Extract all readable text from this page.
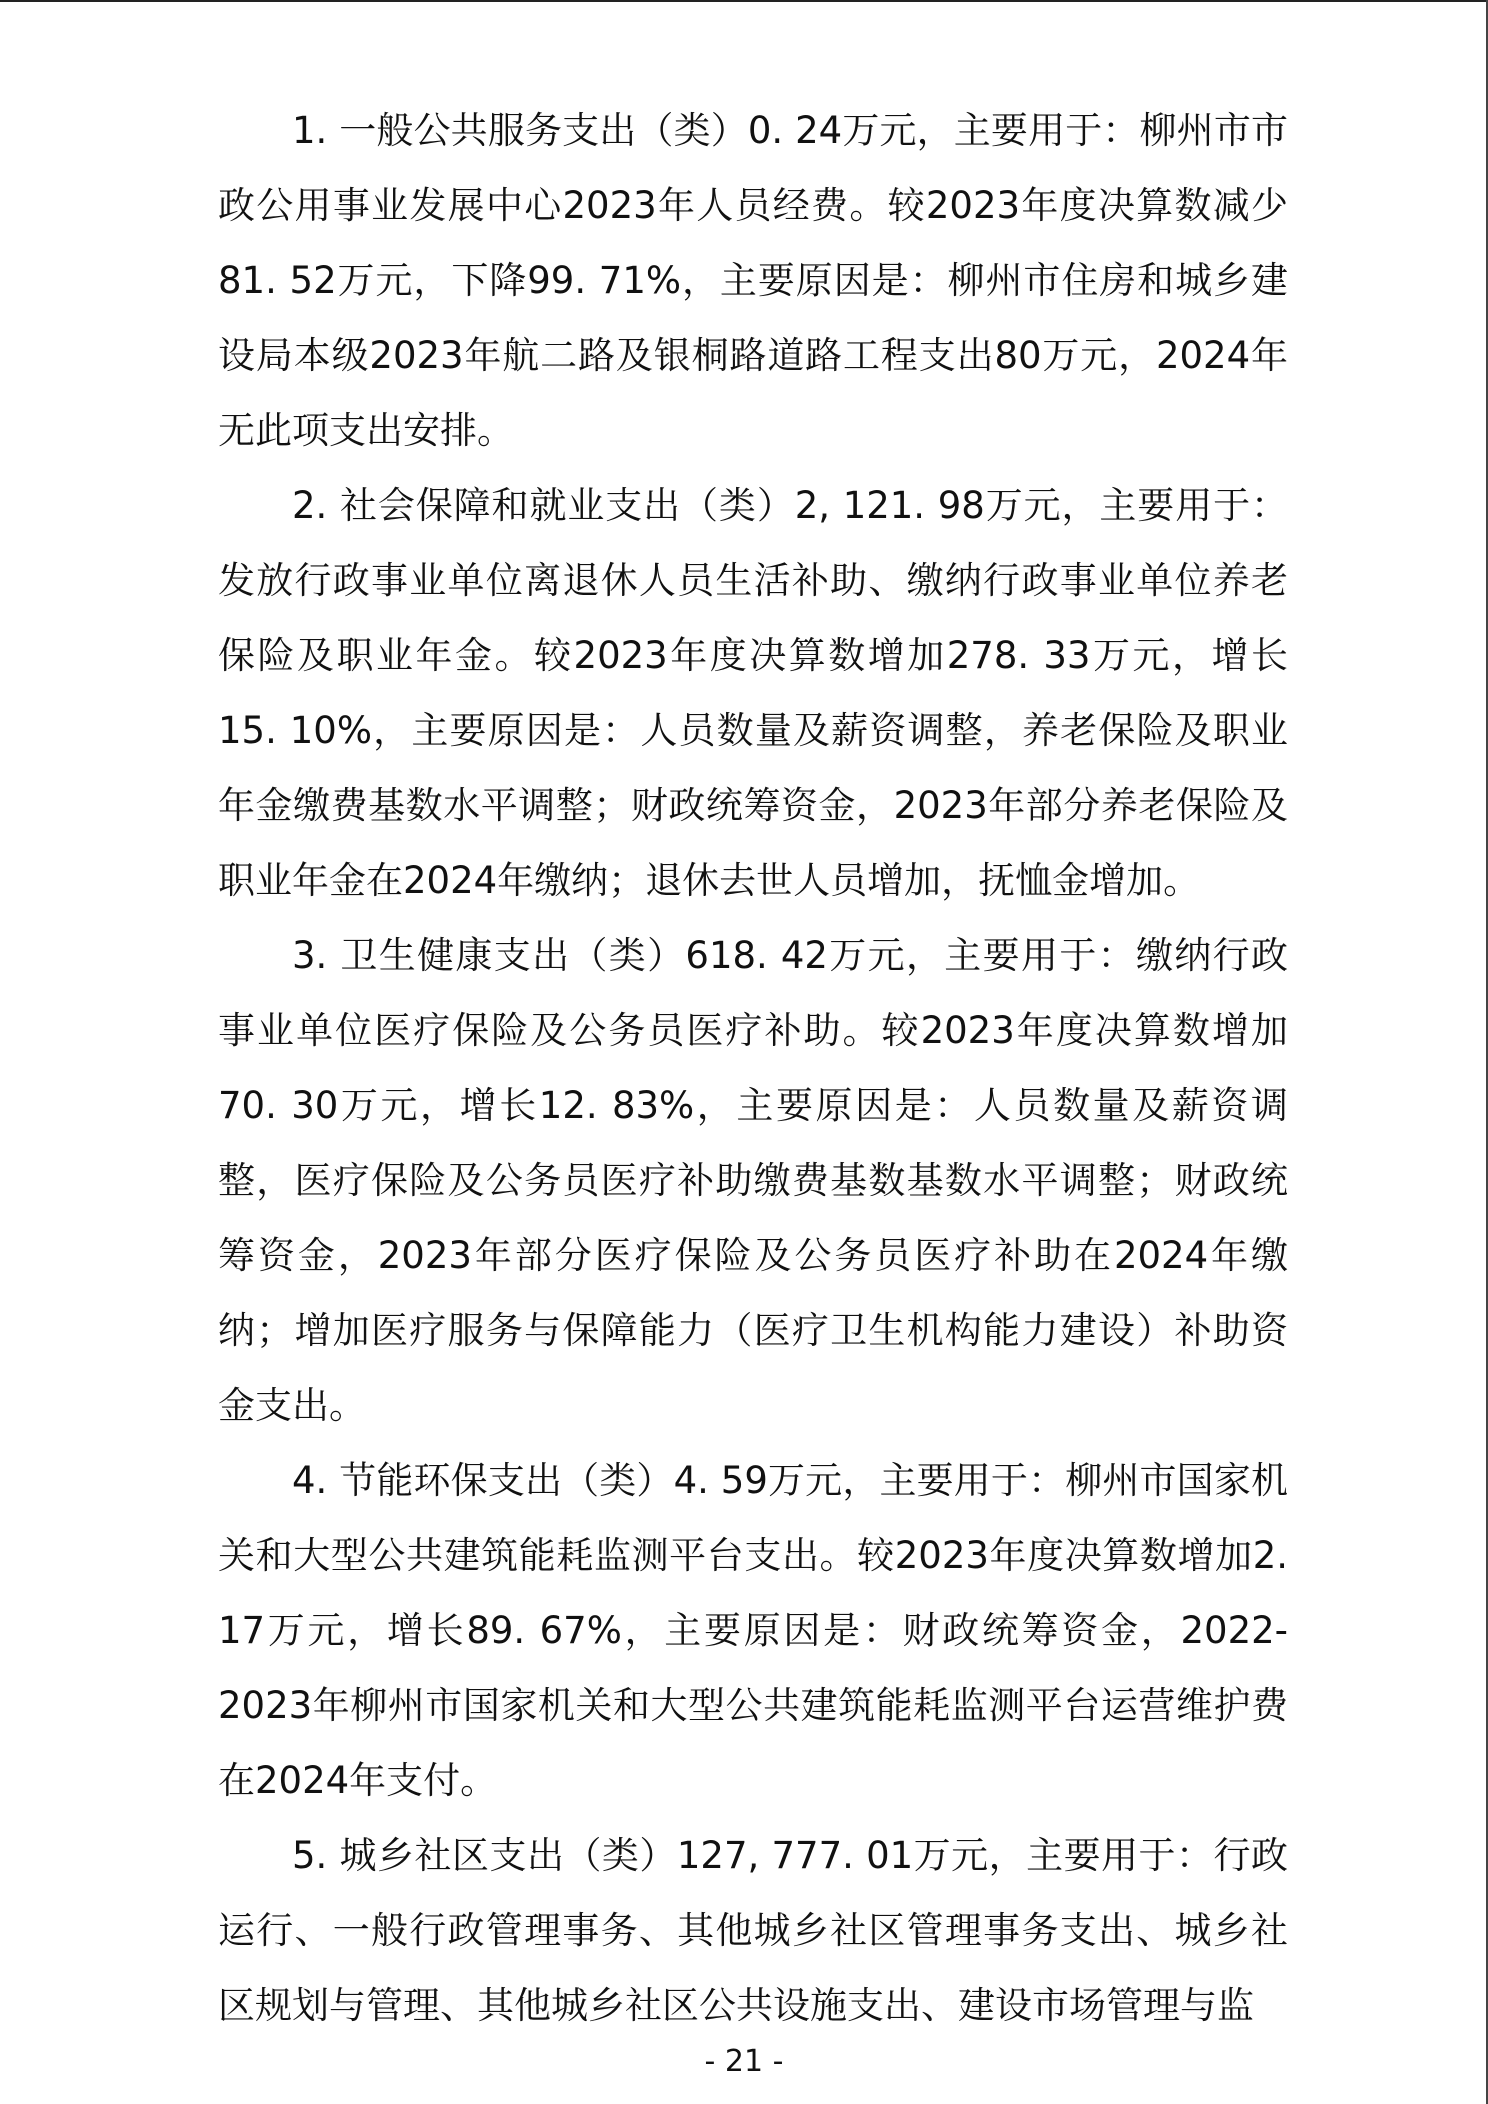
1. 一般公共服务支出（类）0. 24万元，主要用于：柳州市市政公用事业发展中心2023年人员经费。较2023年度决算数减少81. 52万元，下降99. 71%，主要原因是：柳州市住房和城乡建设局本级2023年航二路及银桐路道路工程支出80万元，2024年无此项支出安排。

2. 社会保障和就业支出（类）2, 121. 98万元，主要用于：发放行政事业单位离退休人员生活补助、缴纳行政事业单位养老保险及职业年金。较2023年度决算数增加278. 33万元，增长15. 10%，主要原因是：人员数量及薪资调整，养老保险及职业年金缴费基数水平调整；财政统筹资金，2023年部分养老保险及职业年金在2024年缴纳；退休去世人员增加，抚恤金增加。

3. 卫生健康支出（类）618. 42万元，主要用于：缴纳行政事业单位医疗保险及公务员医疗补助。较2023年度决算数增加70. 30万元，增长12. 83%，主要原因是：人员数量及薪资调整，医疗保险及公务员医疗补助缴费基数基数水平调整；财政统筹资金，2023年部分医疗保险及公务员医疗补助在2024年缴纳；增加医疗服务与保障能力（医疗卫生机构能力建设）补助资金支出。

4. 节能环保支出（类）4. 59万元，主要用于：柳州市国家机关和大型公共建筑能耗监测平台支出。较2023年度决算数增加2. 17万元，增长89. 67%，主要原因是：财政统筹资金，2022-2023年柳州市国家机关和大型公共建筑能耗监测平台运营维护费在2024年支付。

5. 城乡社区支出（类）127, 777. 01万元，主要用于：行政运行、一般行政管理事务、其他城乡社区管理事务支出、城乡社区规划与管理、其他城乡社区公共设施支出、建设市场管理与监

- 21 -
